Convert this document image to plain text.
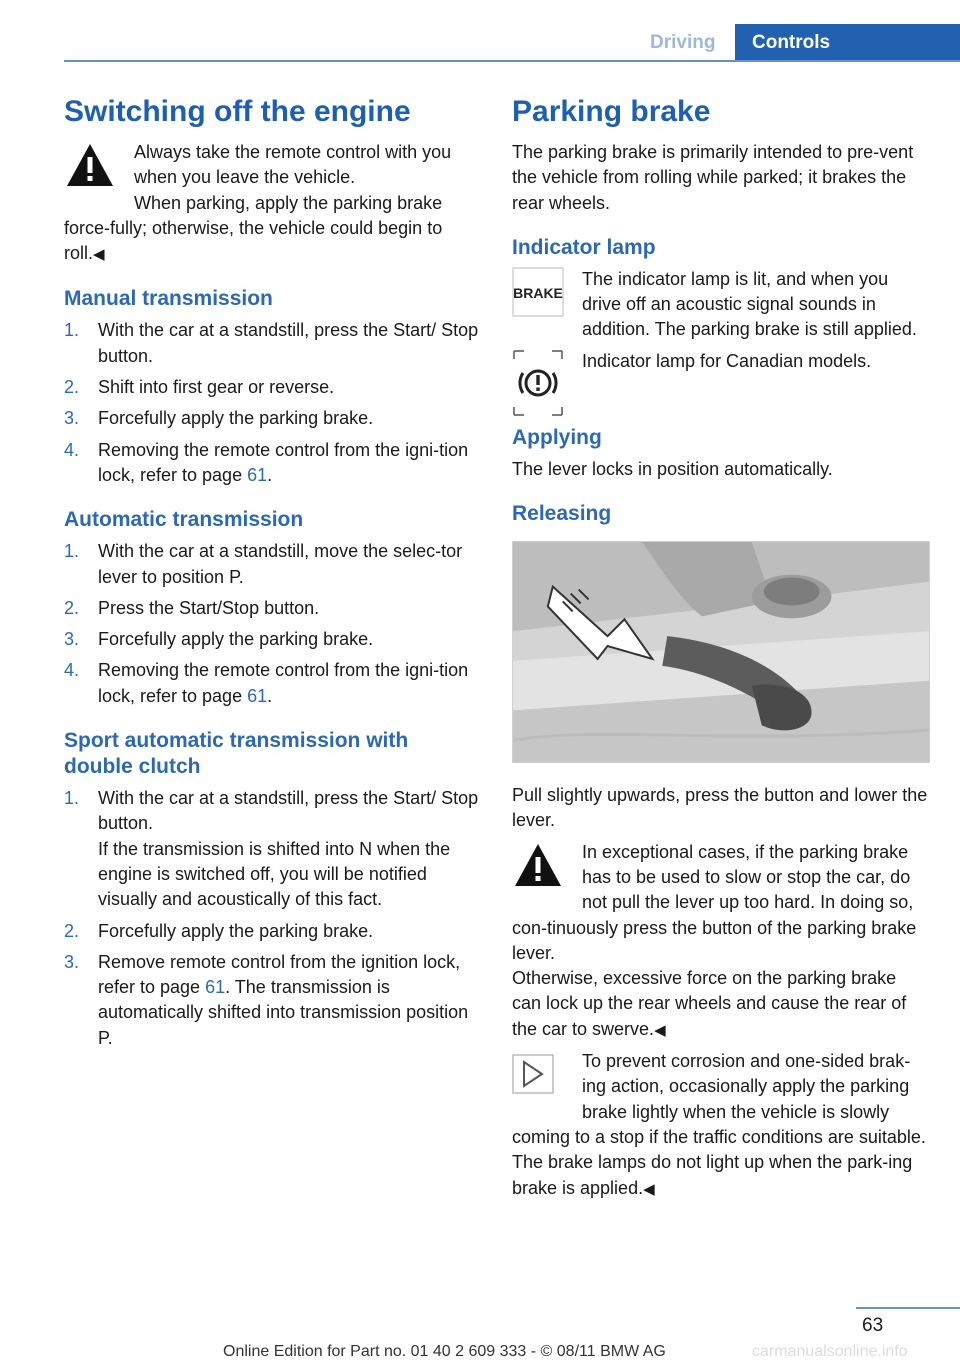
Driving	Controls
Switching off the engine
Always take the remote control with you when you leave the vehicle.
When parking, apply the parking brake force-fully; otherwise, the vehicle could begin to roll.◀
Manual transmission
1.	With the car at a standstill, press the Start/ Stop button.
2.	Shift into first gear or reverse.
3.	Forcefully apply the parking brake.
4.	Removing the remote control from the igni-tion lock, refer to page 61.
Automatic transmission
1.	With the car at a standstill, move the selec-tor lever to position P.
2.	Press the Start/Stop button.
3.	Forcefully apply the parking brake.
4.	Removing the remote control from the igni-tion lock, refer to page 61.
Sport automatic transmission with double clutch
1.	With the car at a standstill, press the Start/ Stop button.
If the transmission is shifted into N when the engine is switched off, you will be notified visually and acoustically of this fact.
2.	Forcefully apply the parking brake.
3.	Remove remote control from the ignition lock, refer to page 61. The transmission is automatically shifted into transmission position P.
Parking brake

The parking brake is primarily intended to pre-vent the vehicle from rolling while parked; it brakes the rear wheels.

Indicator lamp
BRAKE
The indicator lamp is lit, and when you drive off an acoustic signal sounds in addition. The parking brake is still applied.
Indicator lamp for Canadian models.
Applying

The lever locks in position automatically.

Releasing

Pull slightly upwards, press the button and lower the lever.

In exceptional cases, if the parking brake has to be used to slow or stop the car, do not pull the lever up too hard. In doing so, con-tinuously press the button of the parking brake lever.
Otherwise, excessive force on the parking brake can lock up the rear wheels and cause the rear of the car to swerve.◀
To prevent corrosion and one-sided brak-ing action, occasionally apply the parking brake lightly when the vehicle is slowly coming to a stop if the traffic conditions are suitable.
The brake lamps do not light up when the park-ing brake is applied.◀
63
Online Edition for Part no. 01 40 2 609 333 - © 08/11 BMW AG	carmanualsonline.info
